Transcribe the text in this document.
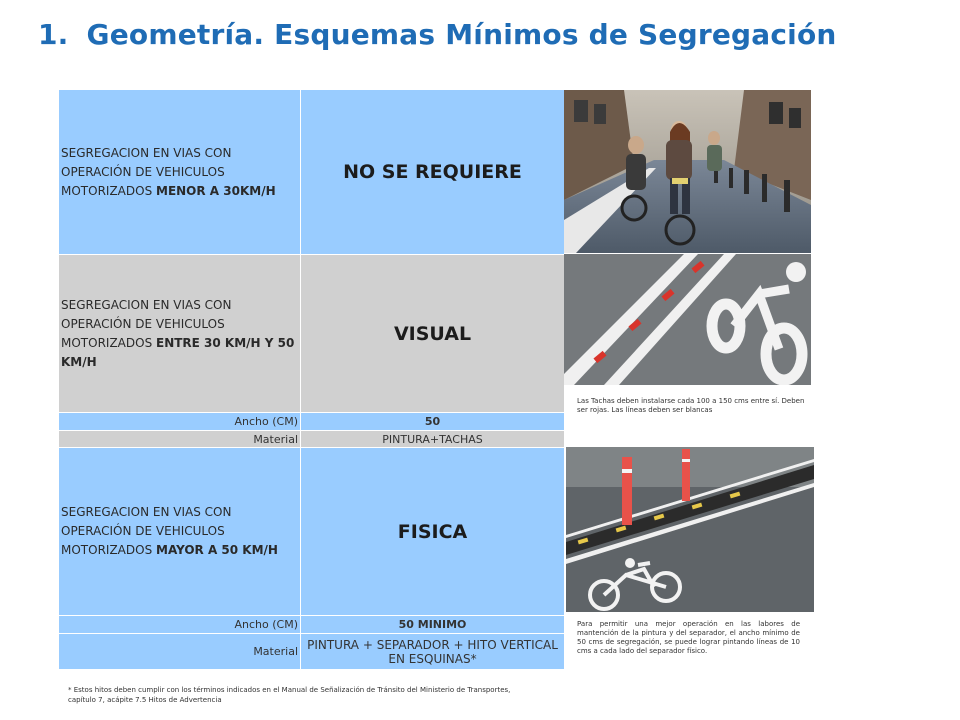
1. Geometría. Esquemas Mínimos de Segregación
SEGREGACION EN VIAS CON OPERACIÓN DE VEHICULOS MOTORIZADOS MENOR A 30KM/H	NO SE REQUIERE
SEGREGACION EN VIAS CON OPERACIÓN DE VEHICULOS MOTORIZADOS ENTRE 30 KM/H Y 50 KM/H	VISUAL
Ancho (CM)	50
Material	PINTURA+TACHAS
SEGREGACION EN VIAS CON OPERACIÓN DE VEHICULOS MOTORIZADOS MAYOR A 50 KM/H	FISICA
Ancho (CM)	50 MINIMO
Material	PINTURA + SEPARADOR + HITO VERTICAL EN ESQUINAS*
Las Tachas deben instalarse cada 100 a 150 cms entre sí. Deben ser rojas. Las líneas deben ser blancas
Para permitir una mejor operación en las labores de mantención de la pintura y del separador, el ancho mínimo de 50 cms de segregación, se puede lograr pintando líneas de 10 cms a cada lado del separador físico.
* Estos hitos deben cumplir con los términos indicados en el Manual de Señalización de Tránsito del Ministerio de Transportes, capítulo 7, acápite 7.5 Hitos de Advertencia
